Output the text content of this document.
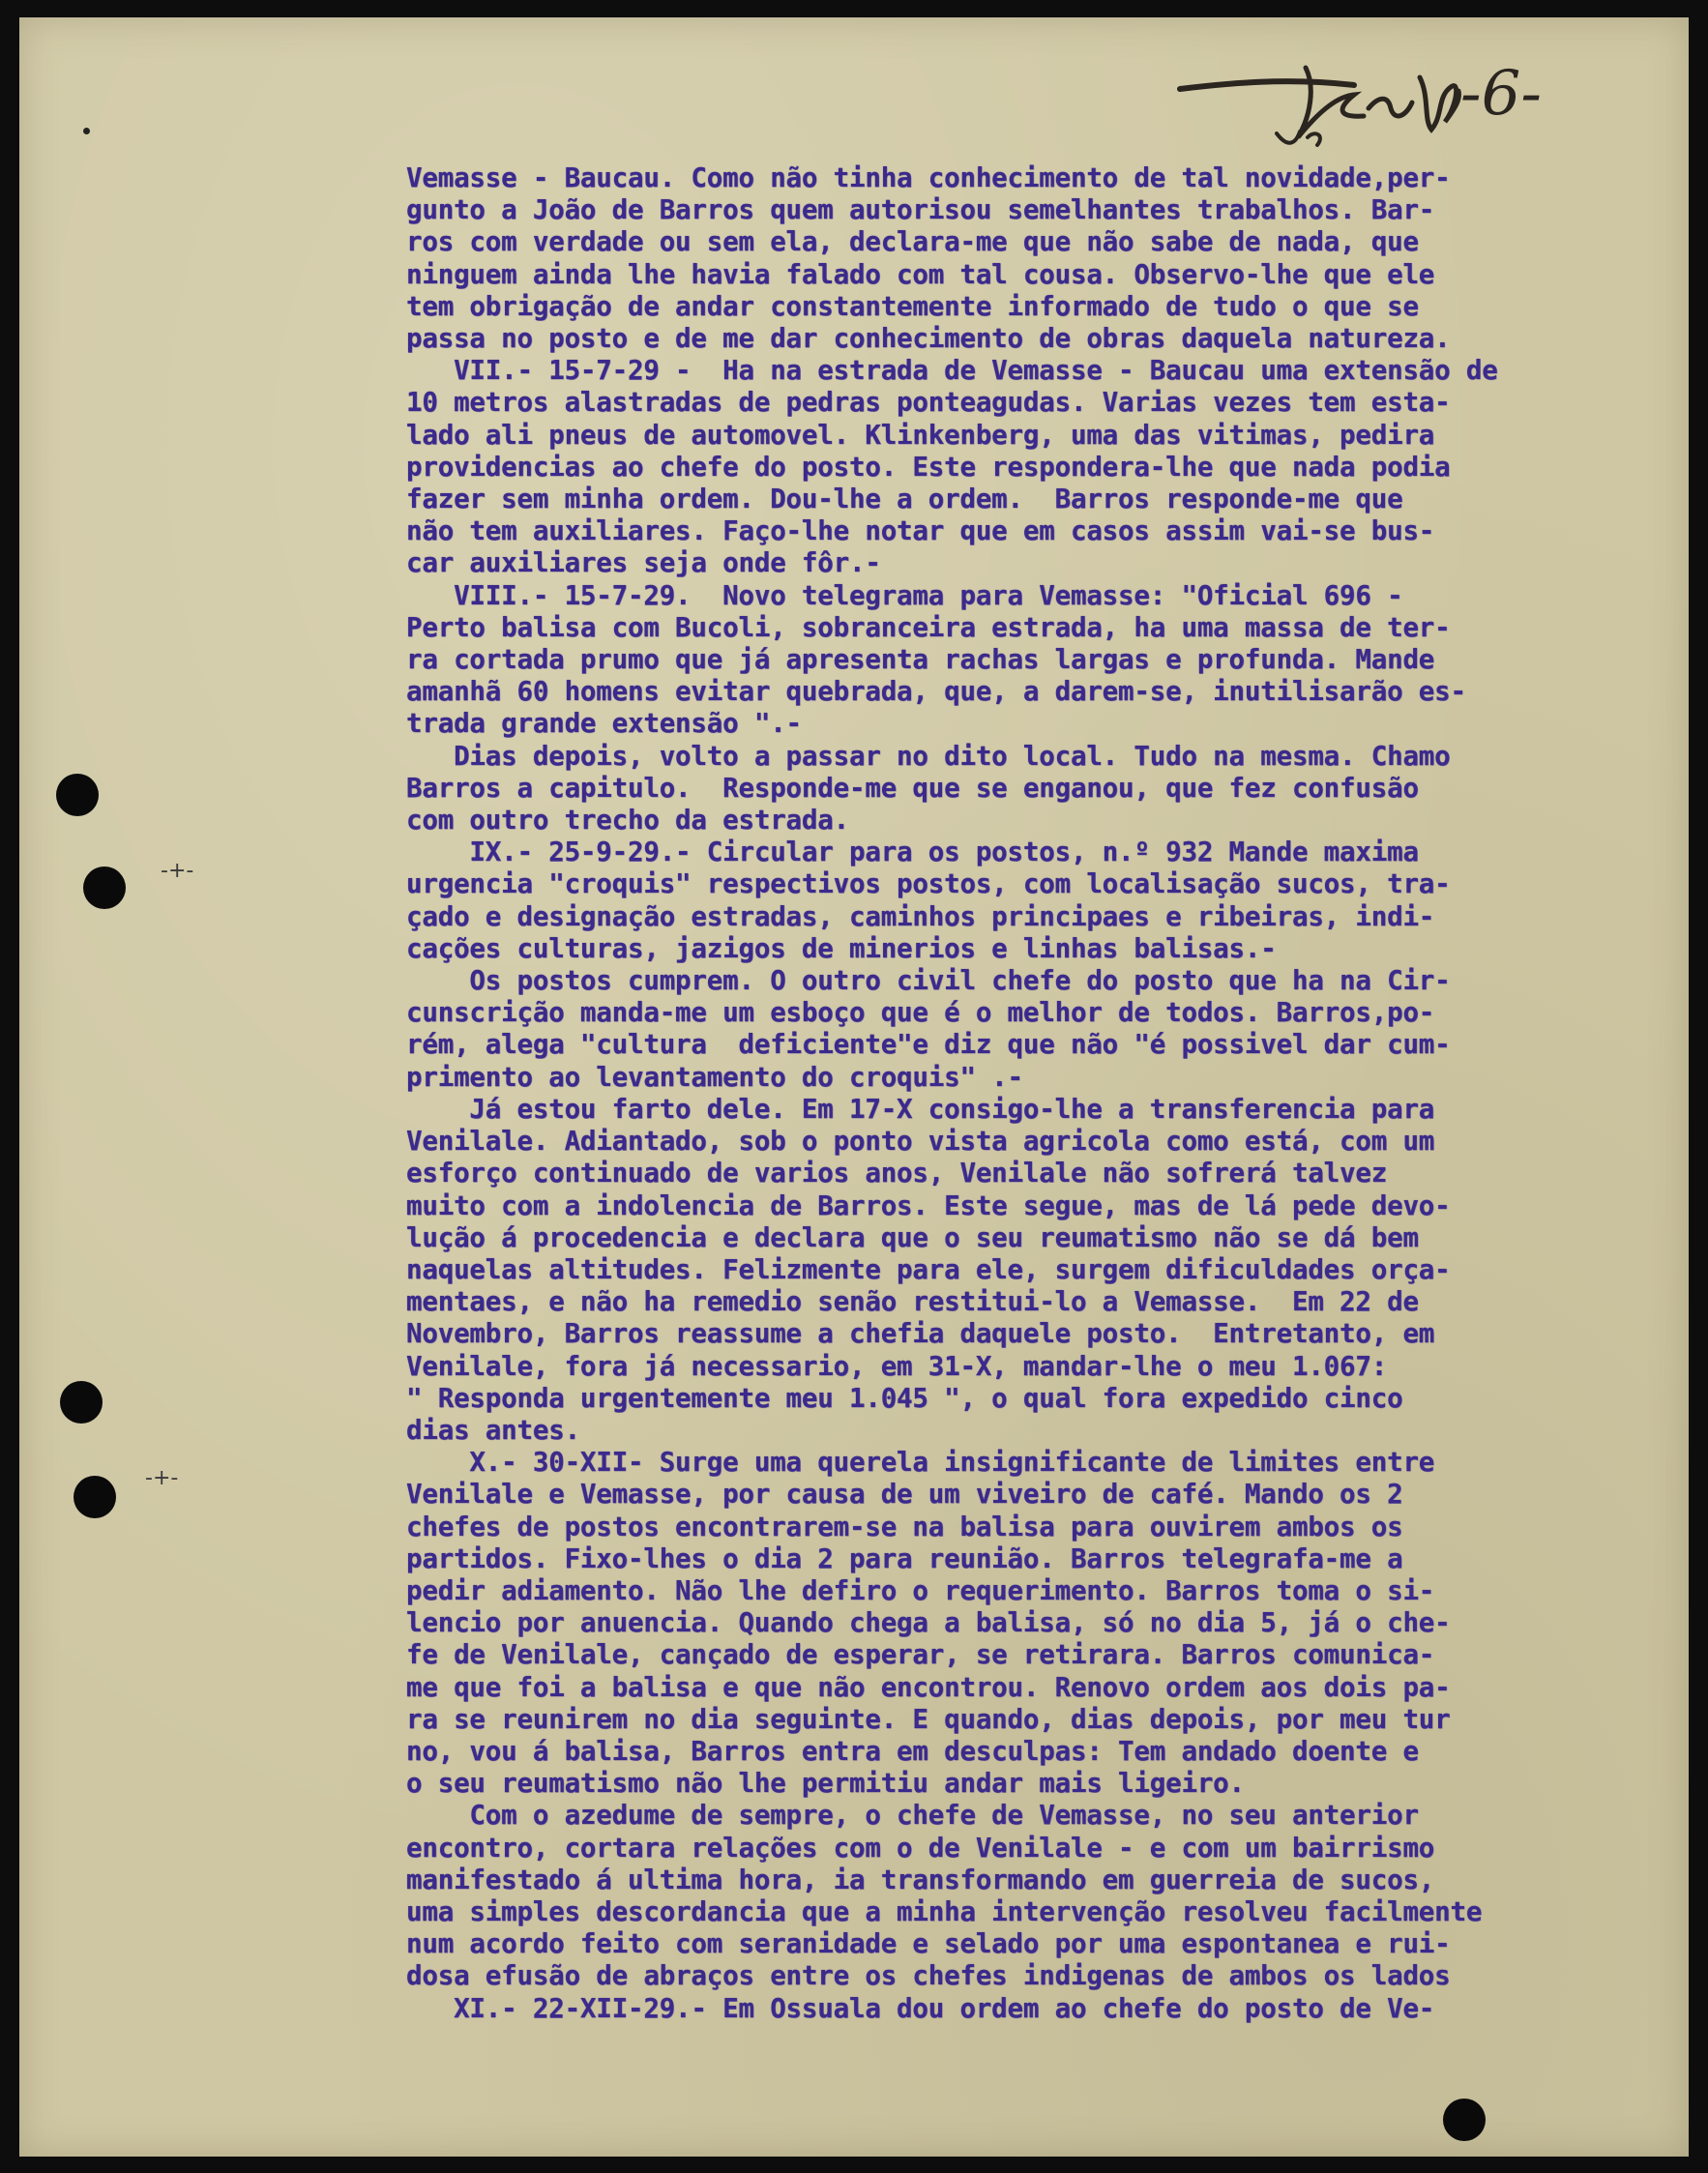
-+-
-+-
-6-

Vemasse - Baucau. Como não tinha conhecimento de tal novidade,per-

gunto a João de Barros quem autorisou semelhantes trabalhos. Bar-

ros com verdade ou sem ela, declara-me que não sabe de nada, que

ninguem ainda lhe havia falado com tal cousa. Observo-lhe que ele

tem obrigação de andar constantemente informado de tudo o que se

passa no posto e de me dar conhecimento de obras daquela natureza.

VII.- 15-7-29 -  Ha na estrada de Vemasse - Baucau uma extensão de

10 metros alastradas de pedras ponteagudas. Varias vezes tem esta-

lado ali pneus de automovel. Klinkenberg, uma das vitimas, pedira

providencias ao chefe do posto. Este respondera-lhe que nada podia

fazer sem minha ordem. Dou-lhe a ordem.  Barros responde-me que

não tem auxiliares. Faço-lhe notar que em casos assim vai-se bus-

car auxiliares seja onde fôr.-

VIII.- 15-7-29.  Novo telegrama para Vemasse: "Oficial 696 -

Perto balisa com Bucoli, sobranceira estrada, ha uma massa de ter-

ra cortada prumo que já apresenta rachas largas e profunda. Mande

amanhã 60 homens evitar quebrada, que, a darem-se, inutilisarão es-

trada grande extensão ".-

Dias depois, volto a passar no dito local. Tudo na mesma. Chamo

Barros a capitulo.  Responde-me que se enganou, que fez confusão

com outro trecho da estrada.

IX.- 25-9-29.- Circular para os postos, n.º 932 Mande maxima

urgencia "croquis" respectivos postos, com localisação sucos, tra-

çado e designação estradas, caminhos principaes e ribeiras, indi-

cações culturas, jazigos de minerios e linhas balisas.-

Os postos cumprem. O outro civil chefe do posto que ha na Cir-

cunscrição manda-me um esboço que é o melhor de todos. Barros,po-

rém, alega "cultura  deficiente"e diz que não "é possivel dar cum-

primento ao levantamento do croquis" .-

Já estou farto dele. Em 17-X consigo-lhe a transferencia para

Venilale. Adiantado, sob o ponto vista agricola como está, com um

esforço continuado de varios anos, Venilale não sofrerá talvez

muito com a indolencia de Barros. Este segue, mas de lá pede devo-

lução á procedencia e declara que o seu reumatismo não se dá bem

naquelas altitudes. Felizmente para ele, surgem dificuldades orça-

mentaes, e não ha remedio senão restitui-lo a Vemasse.  Em 22 de

Novembro, Barros reassume a chefia daquele posto.  Entretanto, em

Venilale, fora já necessario, em 31-X, mandar-lhe o meu 1.067:

" Responda urgentemente meu 1.045 ", o qual fora expedido cinco

dias antes.

X.- 30-XII- Surge uma querela insignificante de limites entre

Venilale e Vemasse, por causa de um viveiro de café. Mando os 2

chefes de postos encontrarem-se na balisa para ouvirem ambos os

partidos. Fixo-lhes o dia 2 para reunião. Barros telegrafa-me a

pedir adiamento. Não lhe defiro o requerimento. Barros toma o si-

lencio por anuencia. Quando chega a balisa, só no dia 5, já o che-

fe de Venilale, cançado de esperar, se retirara. Barros comunica-

me que foi a balisa e que não encontrou. Renovo ordem aos dois pa-

ra se reunirem no dia seguinte. E quando, dias depois, por meu tur

no, vou á balisa, Barros entra em desculpas: Tem andado doente e

o seu reumatismo não lhe permitiu andar mais ligeiro.

Com o azedume de sempre, o chefe de Vemasse, no seu anterior

encontro, cortara relações com o de Venilale - e com um bairrismo

manifestado á ultima hora, ia transformando em guerreia de sucos,

uma simples descordancia que a minha intervenção resolveu facilmente

num acordo feito com seranidade e selado por uma espontanea e rui-

dosa efusão de abraços entre os chefes indigenas de ambos os lados

XI.- 22-XII-29.- Em Ossuala dou ordem ao chefe do posto de Ve-
